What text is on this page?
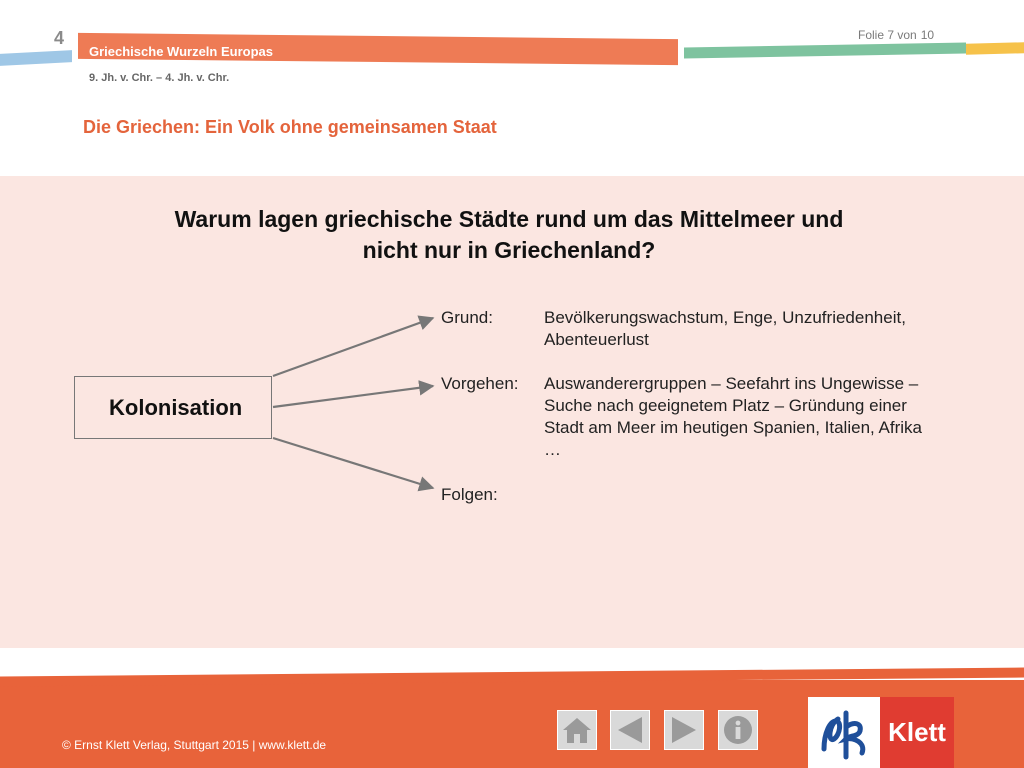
4	Folie 7 von 10
Griechische Wurzeln Europas
9. Jh. v. Chr. – 4. Jh. v. Chr.
Die Griechen: Ein Volk ohne gemeinsamen Staat
Warum lagen griechische Städte rund um das Mittelmeer und
nicht nur in Griechenland?
Kolonisation
Grund:	Bevölkerungswachstum, Enge, Unzufriedenheit,
Abenteuerlust
Vorgehen: Auswanderergruppen – Seefahrt ins Ungewisse –
Suche nach geeignetem Platz – Gründung einer
Stadt am Meer im heutigen Spanien, Italien, Afrika
…
Folgen:
© Ernst Klett Verlag, Stuttgart 2015 | www.klett.de	Klett
